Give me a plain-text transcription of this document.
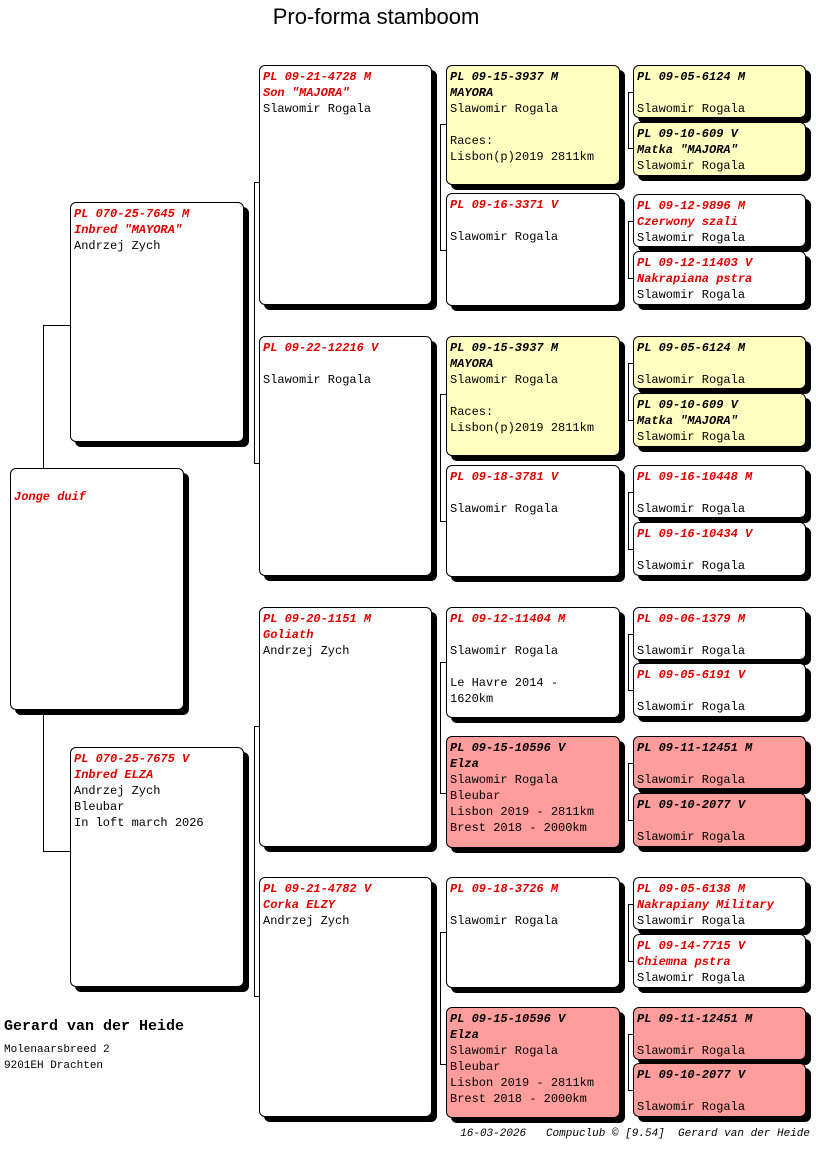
Pro-forma stamboom
Jonge duif
PL 070-25-7645 M
Inbred "MAYORA"
Andrzej Zych
PL 070-25-7675 V
Inbred ELZA
Andrzej Zych
Bleubar
In loft march 2026
PL 09-21-4728 M
Son "MAJORA"
Slawomir Rogala
PL 09-22-12216 V
Slawomir Rogala
PL 09-20-1151 M
Goliath
Andrzej Zych
PL 09-21-4782 V
Corka ELZY
Andrzej Zych
PL 09-15-3937 M
MAYORA
Slawomir Rogala
Races:
Lisbon(p)2019 2811km
PL 09-16-3371 V
Slawomir Rogala
PL 09-15-3937 M
MAYORA
Slawomir Rogala
Races:
Lisbon(p)2019 2811km
PL 09-18-3781 V
Slawomir Rogala
PL 09-12-11404 M
Slawomir Rogala
Le Havre 2014 -
1620km
PL 09-15-10596 V
Elza
Slawomir Rogala
Bleubar
Lisbon 2019 - 2811km
Brest 2018 - 2000km
PL 09-18-3726 M
Slawomir Rogala
PL 09-15-10596 V
Elza
Slawomir Rogala
Bleubar
Lisbon 2019 - 2811km
Brest 2018 - 2000km
PL 09-05-6124 M
Slawomir Rogala
PL 09-10-609 V
Matka "MAJORA"
Slawomir Rogala
PL 09-12-9896 M
Czerwony szali
Slawomir Rogala
PL 09-12-11403 V
Nakrapiana pstra
Slawomir Rogala
PL 09-05-6124 M
Slawomir Rogala
PL 09-10-609 V
Matka "MAJORA"
Slawomir Rogala
PL 09-16-10448 M
Slawomir Rogala
PL 09-16-10434 V
Slawomir Rogala
PL 09-06-1379 M
Slawomir Rogala
PL 09-05-6191 V
Slawomir Rogala
PL 09-11-12451 M
Slawomir Rogala
PL 09-10-2077 V
Slawomir Rogala
PL 09-05-6138 M
Nakrapiany Military
Slawomir Rogala
PL 09-14-7715 V
Chiemna pstra
Slawomir Rogala
PL 09-11-12451 M
Slawomir Rogala
PL 09-10-2077 V
Slawomir Rogala
Gerard van der Heide
Molenaarsbreed 2
9201EH Drachten
16-03-2026   Compuclub © [9.54]  Gerard van der Heide
